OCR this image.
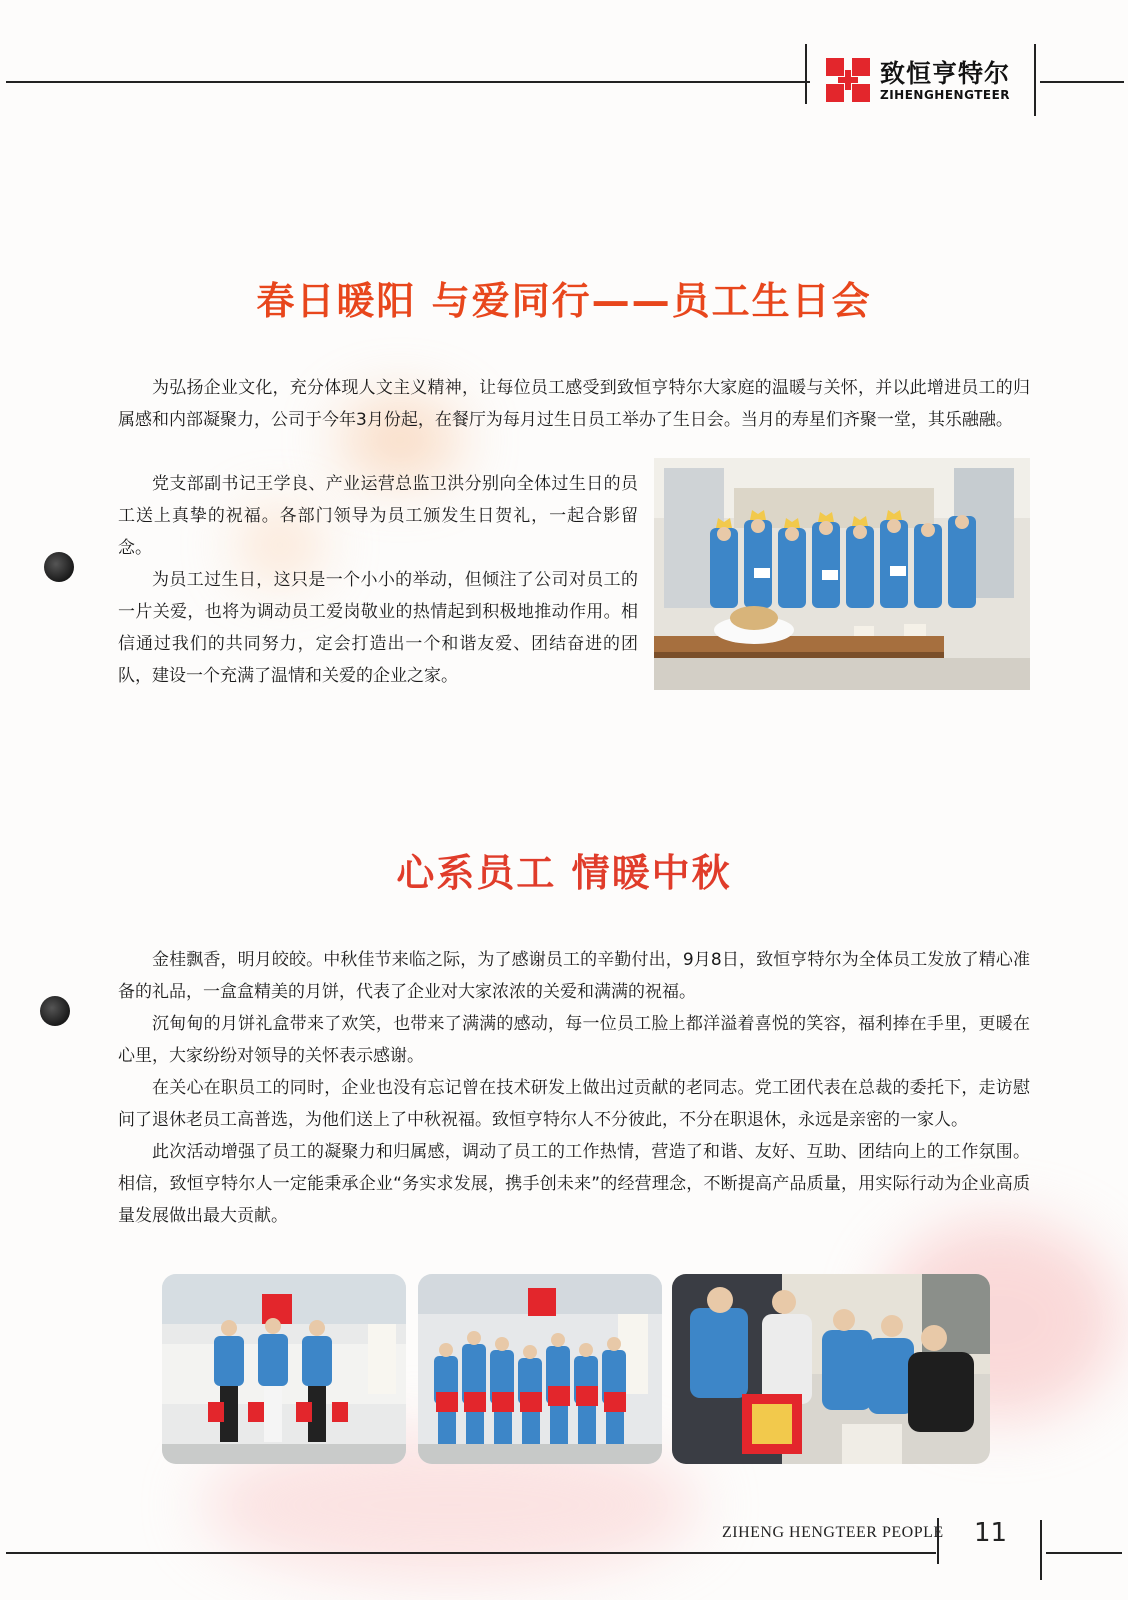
致恒亨特尔
ZIHENGHENGTEER
春日暖阳 与爱同行——员工生日会

为弘扬企业文化，充分体现人文主义精神，让每位员工感受到致恒亨特尔大家庭的温暖与关怀，并以此增进员工的归属感和内部凝聚力，公司于今年3月份起，在餐厅为每月过生日员工举办了生日会。当月的寿星们齐聚一堂，其乐融融。

党支部副书记王学良、产业运营总监卫洪分别向全体过生日的员工送上真挚的祝福。各部门领导为员工颁发生日贺礼，一起合影留念。

为员工过生日，这只是一个小小的举动，但倾注了公司对员工的一片关爱，也将为调动员工爱岗敬业的热情起到积极地推动作用。相信通过我们的共同努力，定会打造出一个和谐友爱、团结奋进的团队，建设一个充满了温情和关爱的企业之家。

心系员工 情暖中秋

金桂飘香，明月皎皎。中秋佳节来临之际，为了感谢员工的辛勤付出，9月8日，致恒亨特尔为全体员工发放了精心准备的礼品，一盒盒精美的月饼，代表了企业对大家浓浓的关爱和满满的祝福。

沉甸甸的月饼礼盒带来了欢笑，也带来了满满的感动，每一位员工脸上都洋溢着喜悦的笑容，福利捧在手里，更暖在心里，大家纷纷对领导的关怀表示感谢。

在关心在职员工的同时，企业也没有忘记曾在技术研发上做出过贡献的老同志。党工团代表在总裁的委托下，走访慰问了退休老员工高普选，为他们送上了中秋祝福。致恒亨特尔人不分彼此，不分在职退休，永远是亲密的一家人。

此次活动增强了员工的凝聚力和归属感，调动了员工的工作热情，营造了和谐、友好、互助、团结向上的工作氛围。相信，致恒亨特尔人一定能秉承企业“务实求发展，携手创未来”的经营理念，不断提高产品质量，用实际行动为企业高质量发展做出最大贡献。

ZIHENG HENGTEER PEOPLE 11
